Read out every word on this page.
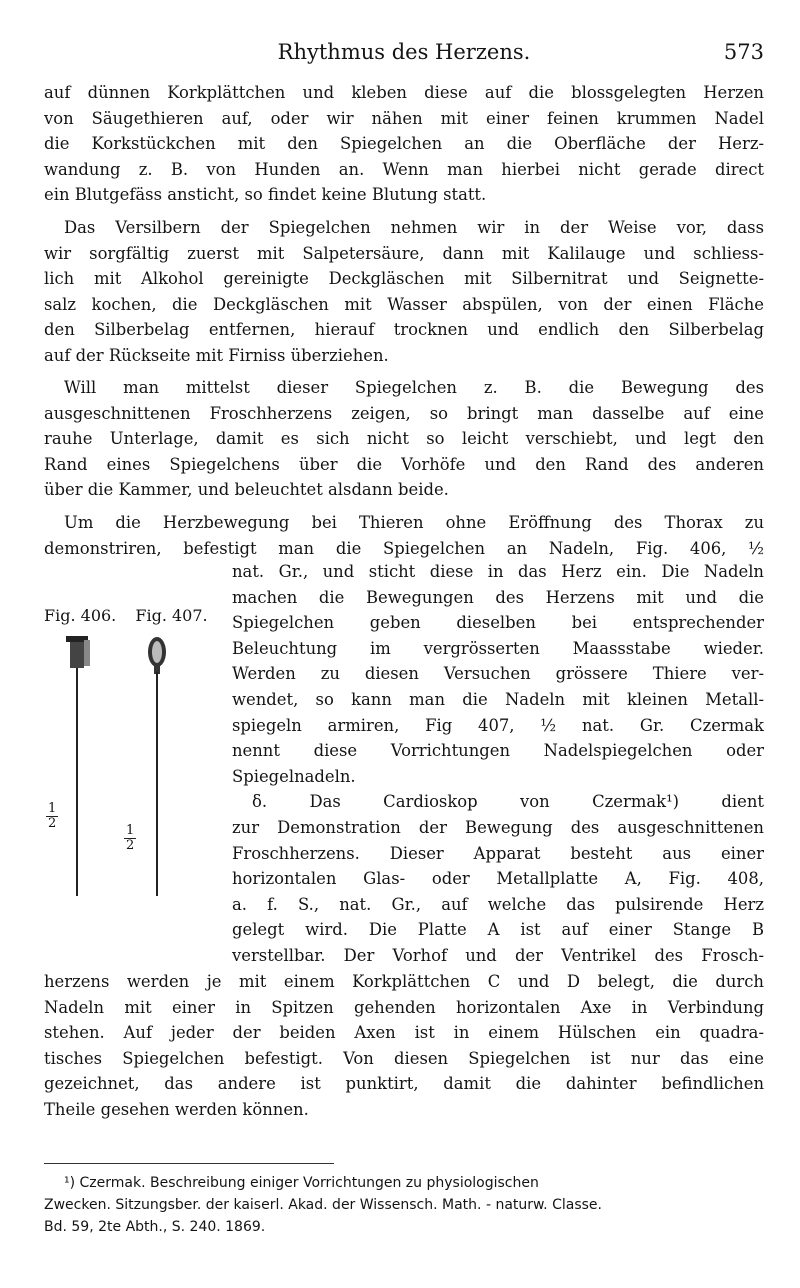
Rhythmus des Herzens.	573
auf dünnen Korkplättchen und kleben diese auf die blossgelegten Herzen
von Säugethieren auf, oder wir nähen mit einer feinen krummen Nadel
die Korkstückchen mit den Spiegelchen an die Oberfläche der Herz-
wandung z. B. von Hunden an. Wenn man hierbei nicht gerade direct
ein Blutgefäss ansticht, so findet keine Blutung statt.
Das Versilbern der Spiegelchen nehmen wir in der Weise vor, dass
wir sorgfältig zuerst mit Salpetersäure, dann mit Kalilauge und schliess-
lich mit Alkohol gereinigte Deckgläschen mit Silbernitrat und Seignette-
salz kochen, die Deckgläschen mit Wasser abspülen, von der einen Fläche
den Silberbelag entfernen, hierauf trocknen und endlich den Silberbelag
auf der Rückseite mit Firniss überziehen.
Will man mittelst dieser Spiegelchen z. B. die Bewegung des
ausgeschnittenen Froschherzens zeigen, so bringt man dasselbe auf eine
rauhe Unterlage, damit es sich nicht so leicht verschiebt, und legt den
Rand eines Spiegelchens über die Vorhöfe und den Rand des anderen
über die Kammer, und beleuchtet alsdann beide.
Um die Herzbewegung bei Thieren ohne Eröffnung des Thorax zu
demonstriren, befestigt man die Spiegelchen an Nadeln, Fig. 406, ½
Fig. 406. Fig. 407.
$\frac{1}{2}$
$\frac{1}{2}$
nat. Gr., und sticht diese in das Herz ein. Die Nadeln
machen die Bewegungen des Herzens mit und die
Spiegelchen geben dieselben bei entsprechender
Beleuchtung im vergrösserten Maassstabe wieder.
Werden zu diesen Versuchen grössere Thiere ver-
wendet, so kann man die Nadeln mit kleinen Metall-
spiegeln armiren, Fig 407, ½ nat. Gr. Czermak
nennt diese Vorrichtungen Nadelspiegelchen oder
Spiegelnadeln.
δ. Das Cardioskop von Czermak¹) dient
zur Demonstration der Bewegung des ausgeschnittenen
Froschherzens. Dieser Apparat besteht aus einer
horizontalen Glas- oder Metallplatte A, Fig. 408,
a. f. S., nat. Gr., auf welche das pulsirende Herz
gelegt wird. Die Platte A ist auf einer Stange B
verstellbar. Der Vorhof und der Ventrikel des Frosch-
herzens werden je mit einem Korkplättchen C und D belegt, die durch
Nadeln mit einer in Spitzen gehenden horizontalen Axe in Verbindung
stehen. Auf jeder der beiden Axen ist in einem Hülschen ein quadra-
tisches Spiegelchen befestigt. Von diesen Spiegelchen ist nur das eine
gezeichnet, das andere ist punktirt, damit die dahinter befindlichen
Theile gesehen werden können.
¹) Czermak. Beschreibung einiger Vorrichtungen zu physiologischen
Zwecken. Sitzungsber. der kaiserl. Akad. der Wissensch. Math. - naturw. Classe.
Bd. 59, 2te Abth., S. 240. 1869.
